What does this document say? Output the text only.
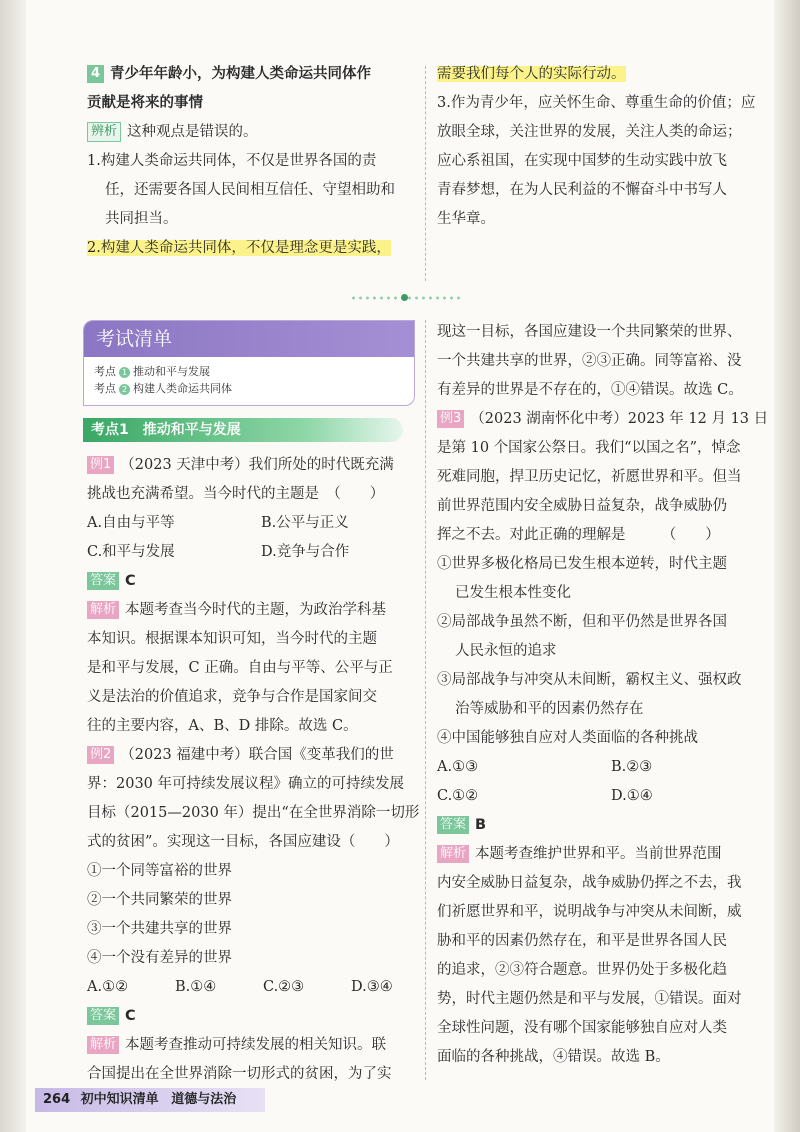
4 青少年年龄小，为构建人类命运共同体作
贡献是将来的事情
辨析 这种观点是错误的。
1.构建人类命运共同体，不仅是世界各国的责
任，还需要各国人民间相互信任、守望相助和
共同担当。
2.构建人类命运共同体，不仅是理念更是实践，
需要我们每个人的实际行动。
3.作为青少年，应关怀生命、尊重生命的价值；应
放眼全球，关注世界的发展，关注人类的命运；
应心系祖国，在实现中国梦的生动实践中放飞
青春梦想，在为人民利益的不懈奋斗中书写人
生华章。
考试清单
考点 1 推动和平与发展
考点 2 构建人类命运共同体
考点1　推动和平与发展
例1 （2023 天津中考）我们所处的时代既充满
挑战也充满希望。当今时代的主题是　（　　）
A.自由与平等	B.公平与正义
C.和平与发展	D.竞争与合作
答案 C
解析 本题考查当今时代的主题，为政治学科基
本知识。根据课本知识可知，当今时代的主题
是和平与发展，C 正确。自由与平等、公平与正
义是法治的价值追求，竞争与合作是国家间交
往的主要内容，A、B、D 排除。故选 C。
例2 （2023 福建中考）联合国《变革我们的世
界：2030 年可持续发展议程》确立的可持续发展
目标（2015—2030 年）提出“在全世界消除一切形
式的贫困”。实现这一目标，各国应建设（　　）
①一个同等富裕的世界
②一个共同繁荣的世界
③一个共建共享的世界
④一个没有差异的世界
A.①②	B.①④	C.②③	D.③④
答案 C
解析 本题考查推动可持续发展的相关知识。联
合国提出在全世界消除一切形式的贫困，为了实
现这一目标，各国应建设一个共同繁荣的世界、
一个共建共享的世界，②③正确。同等富裕、没
有差异的世界是不存在的，①④错误。故选 C。
例3 （2023 湖南怀化中考）2023 年 12 月 13 日
是第 10 个国家公祭日。我们“以国之名”，悼念
死难同胞，捍卫历史记忆，祈愿世界和平。但当
前世界范围内安全威胁日益复杂，战争威胁仍
挥之不去。对此正确的理解是　　　（　　）
①世界多极化格局已发生根本逆转，时代主题
已发生根本性变化
②局部战争虽然不断，但和平仍然是世界各国
人民永恒的追求
③局部战争与冲突从未间断，霸权主义、强权政
治等威胁和平的因素仍然存在
④中国能够独自应对人类面临的各种挑战
A.①③	B.②③
C.①②	D.①④
答案 B
解析 本题考查维护世界和平。当前世界范围
内安全威胁日益复杂，战争威胁仍挥之不去，我
们祈愿世界和平，说明战争与冲突从未间断，威
胁和平的因素仍然存在，和平是世界各国人民
的追求，②③符合题意。世界仍处于多极化趋
势，时代主题仍然是和平与发展，①错误。面对
全球性问题，没有哪个国家能够独自应对人类
面临的各种挑战，④错误。故选 B。
264 初中知识清单 道德与法治
